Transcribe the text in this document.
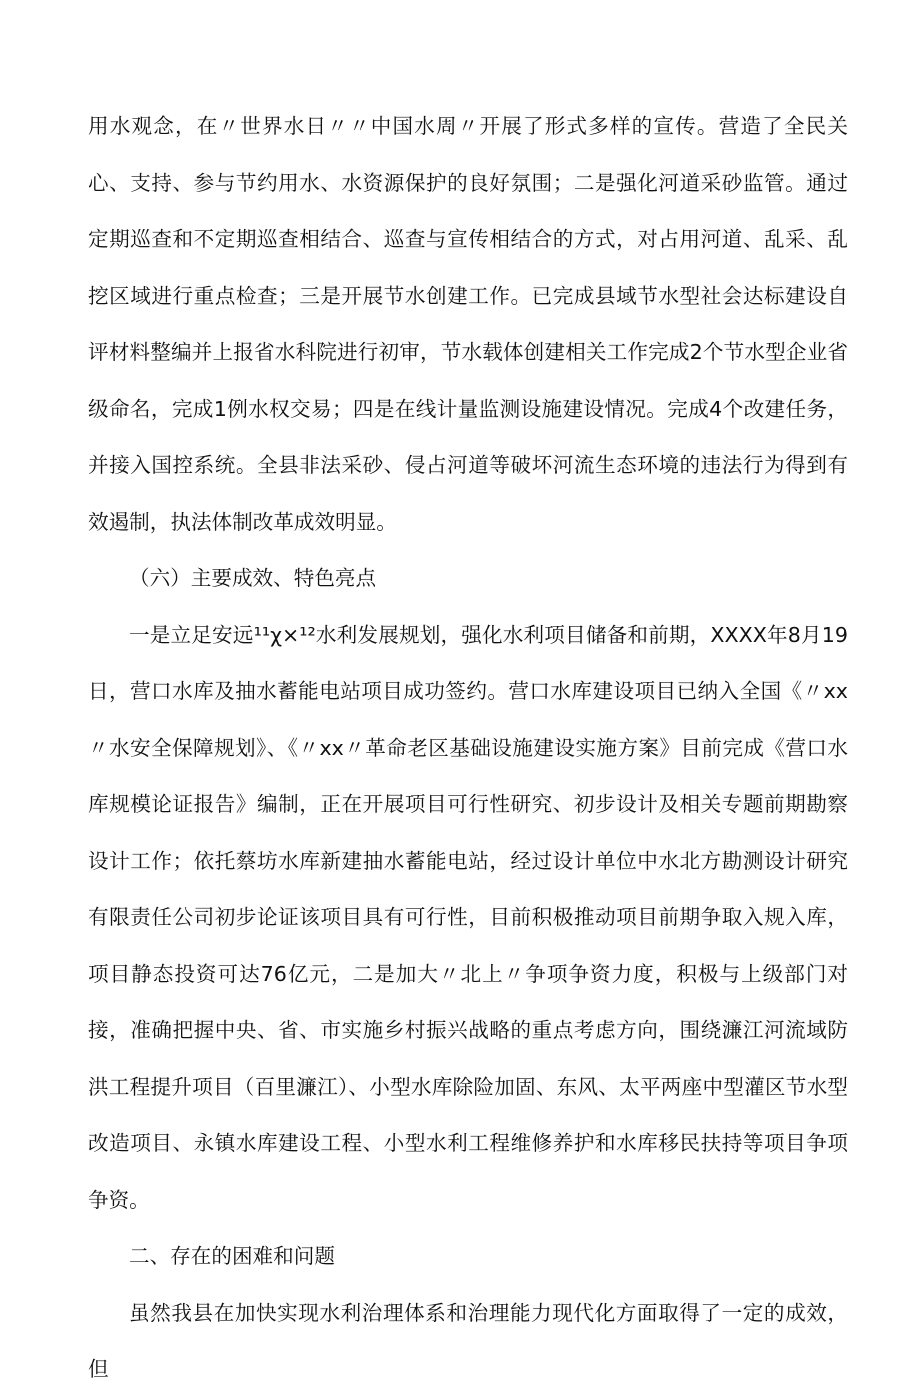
用水观念，在〃世界水日〃〃中国水周〃开展了形式多样的宣传。营造了全民关心、支持、参与节约用水、水资源保护的良好氛围；二是强化河道采砂监管。通过定期巡查和不定期巡查相结合、巡查与宣传相结合的方式，对占用河道、乱采、乱挖区域进行重点检查；三是开展节水创建工作。已完成县域节水型社会达标建设自评材料整编并上报省水科院进行初审，节水载体创建相关工作完成2个节水型企业省级命名，完成1例水权交易；四是在线计量监测设施建设情况。完成4个改建任务，并接入国控系统。全县非法采砂、侵占河道等破坏河流生态环境的违法行为得到有效遏制，执法体制改革成效明显。

（六）主要成效、特色亮点

一是立足安远¹¹χ×¹²水利发展规划，强化水利项目储备和前期，XXXX年8月19日，营口水库及抽水蓄能电站项目成功签约。营口水库建设项目已纳入全国《〃xx〃水安全保障规划》、《〃xx〃革命老区基础设施建设实施方案》目前完成《营口水库规模论证报告》编制，正在开展项目可行性研究、初步设计及相关专题前期勘察设计工作；依托蔡坊水库新建抽水蓄能电站，经过设计单位中水北方勘测设计研究有限责任公司初步论证该项目具有可行性，目前积极推动项目前期争取入规入库，项目静态投资可达76亿元，二是加大〃北上〃争项争资力度，积极与上级部门对接，准确把握中央、省、市实施乡村振兴战略的重点考虑方向，围绕濂江河流域防洪工程提升项目（百里濂江）、小型水库除险加固、东风、太平两座中型灌区节水型改造项目、永镇水库建设工程、小型水利工程维修养护和水库移民扶持等项目争项争资。

二、存在的困难和问题

虽然我县在加快实现水利治理体系和治理能力现代化方面取得了一定的成效，但
